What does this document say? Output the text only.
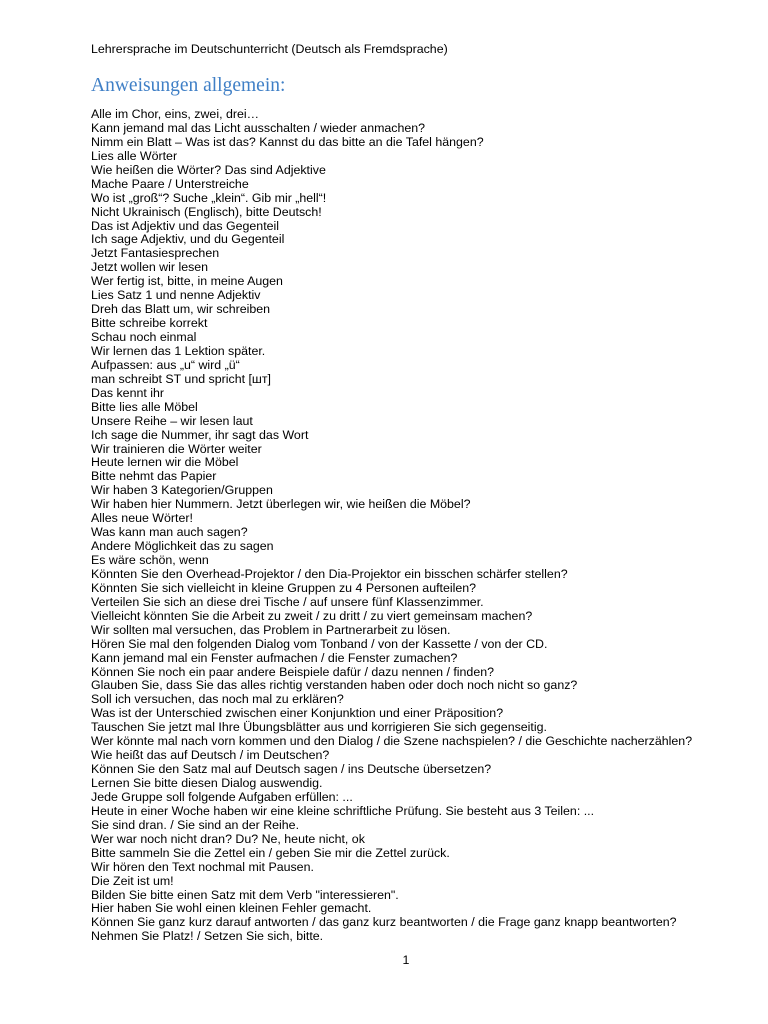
Lehrersprache im Deutschunterricht (Deutsch als Fremdsprache)
Anweisungen allgemein:
Alle im Chor, eins, zwei, drei…
Kann jemand mal das Licht ausschalten / wieder anmachen?
Nimm ein Blatt – Was ist das? Kannst du das bitte an die Tafel hängen?
Lies alle Wörter
Wie heißen die Wörter? Das sind Adjektive
Mache Paare / Unterstreiche
Wo ist „groß“? Suche „klein“. Gib mir „hell“!
Nicht Ukrainisch (Englisch), bitte Deutsch!
Das ist Adjektiv und das Gegenteil
Ich sage Adjektiv, und du Gegenteil
Jetzt Fantasiesprechen
Jetzt wollen wir lesen
Wer fertig ist, bitte, in meine Augen
Lies Satz 1 und nenne Adjektiv
Dreh das Blatt um, wir schreiben
Bitte schreibe korrekt
Schau noch einmal
Wir lernen das 1 Lektion später.
Aufpassen: aus „u“ wird „ü“
man schreibt ST und spricht [шт]
Das kennt ihr
Bitte lies alle Möbel
Unsere Reihe – wir lesen laut
Ich sage die Nummer, ihr sagt das Wort
Wir trainieren die Wörter weiter
Heute lernen wir die Möbel
Bitte nehmt das Papier
Wir haben 3 Kategorien/Gruppen
Wir haben hier Nummern. Jetzt überlegen wir, wie heißen die Möbel?
Alles neue Wörter!
Was kann man auch sagen?
Andere Möglichkeit das zu sagen
Es wäre schön, wenn
Könnten Sie den Overhead-Projektor / den Dia-Projektor ein bisschen schärfer stellen?
Könnten Sie sich vielleicht in kleine Gruppen zu 4 Personen aufteilen?
Verteilen Sie sich an diese drei Tische / auf unsere fünf Klassenzimmer.
Vielleicht könnten Sie die Arbeit zu zweit / zu dritt / zu viert gemeinsam machen?
Wir sollten mal versuchen, das Problem in Partnerarbeit zu lösen.
Hören Sie mal den folgenden Dialog vom Tonband / von der Kassette / von der CD.
Kann jemand mal ein Fenster aufmachen / die Fenster zumachen?
Können Sie noch ein paar andere Beispiele dafür / dazu nennen / finden?
Glauben Sie, dass Sie das alles richtig verstanden haben oder doch noch nicht so ganz?
Soll ich versuchen, das noch mal zu erklären?
Was ist der Unterschied zwischen einer Konjunktion und einer Präposition?
Tauschen Sie jetzt mal Ihre Übungsblätter aus und korrigieren Sie sich gegenseitig.
Wer könnte mal nach vorn kommen und den Dialog / die Szene nachspielen? / die Geschichte nacherzählen?
Wie heißt das auf Deutsch / im Deutschen?
Können Sie den Satz mal auf Deutsch sagen / ins Deutsche übersetzen?
Lernen Sie bitte diesen Dialog auswendig.
Jede Gruppe soll folgende Aufgaben erfüllen: ...
Heute in einer Woche haben wir eine kleine schriftliche Prüfung. Sie besteht aus 3 Teilen: ...
Sie sind dran. / Sie sind an der Reihe.
Wer war noch nicht dran? Du? Ne, heute nicht, ok
Bitte sammeln Sie die Zettel ein / geben Sie mir die Zettel zurück.
Wir hören den Text nochmal mit Pausen.
Die Zeit ist um!
Bilden Sie bitte einen Satz mit dem Verb "interessieren".
Hier haben Sie wohl einen kleinen Fehler gemacht.
Können Sie ganz kurz darauf antworten / das ganz kurz beantworten / die Frage ganz knapp beantworten?
Nehmen Sie Platz! / Setzen Sie sich, bitte.
1
